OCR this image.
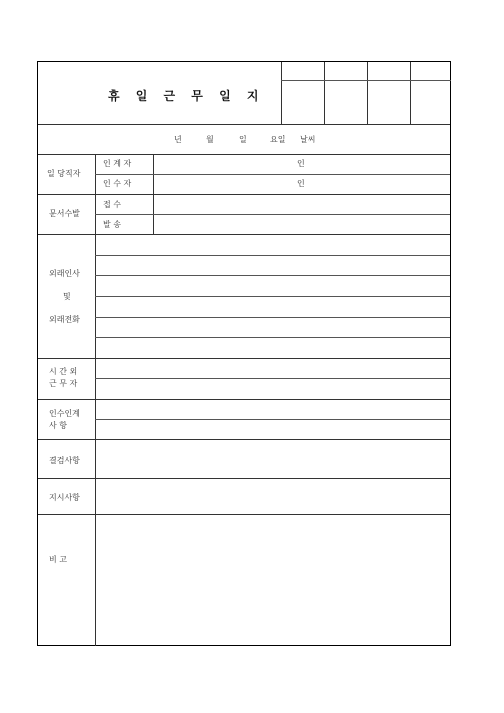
휴 일 근 무 일 지
년	월	일	요일 날씨
일 당직자
인 계 자	인
인 수 자	인
문서수발
접 수
발 송
외래인사
및
외래전화
시 간 외
근 무 자
인수인계
사 항
결검사항
지시사항
비 고
